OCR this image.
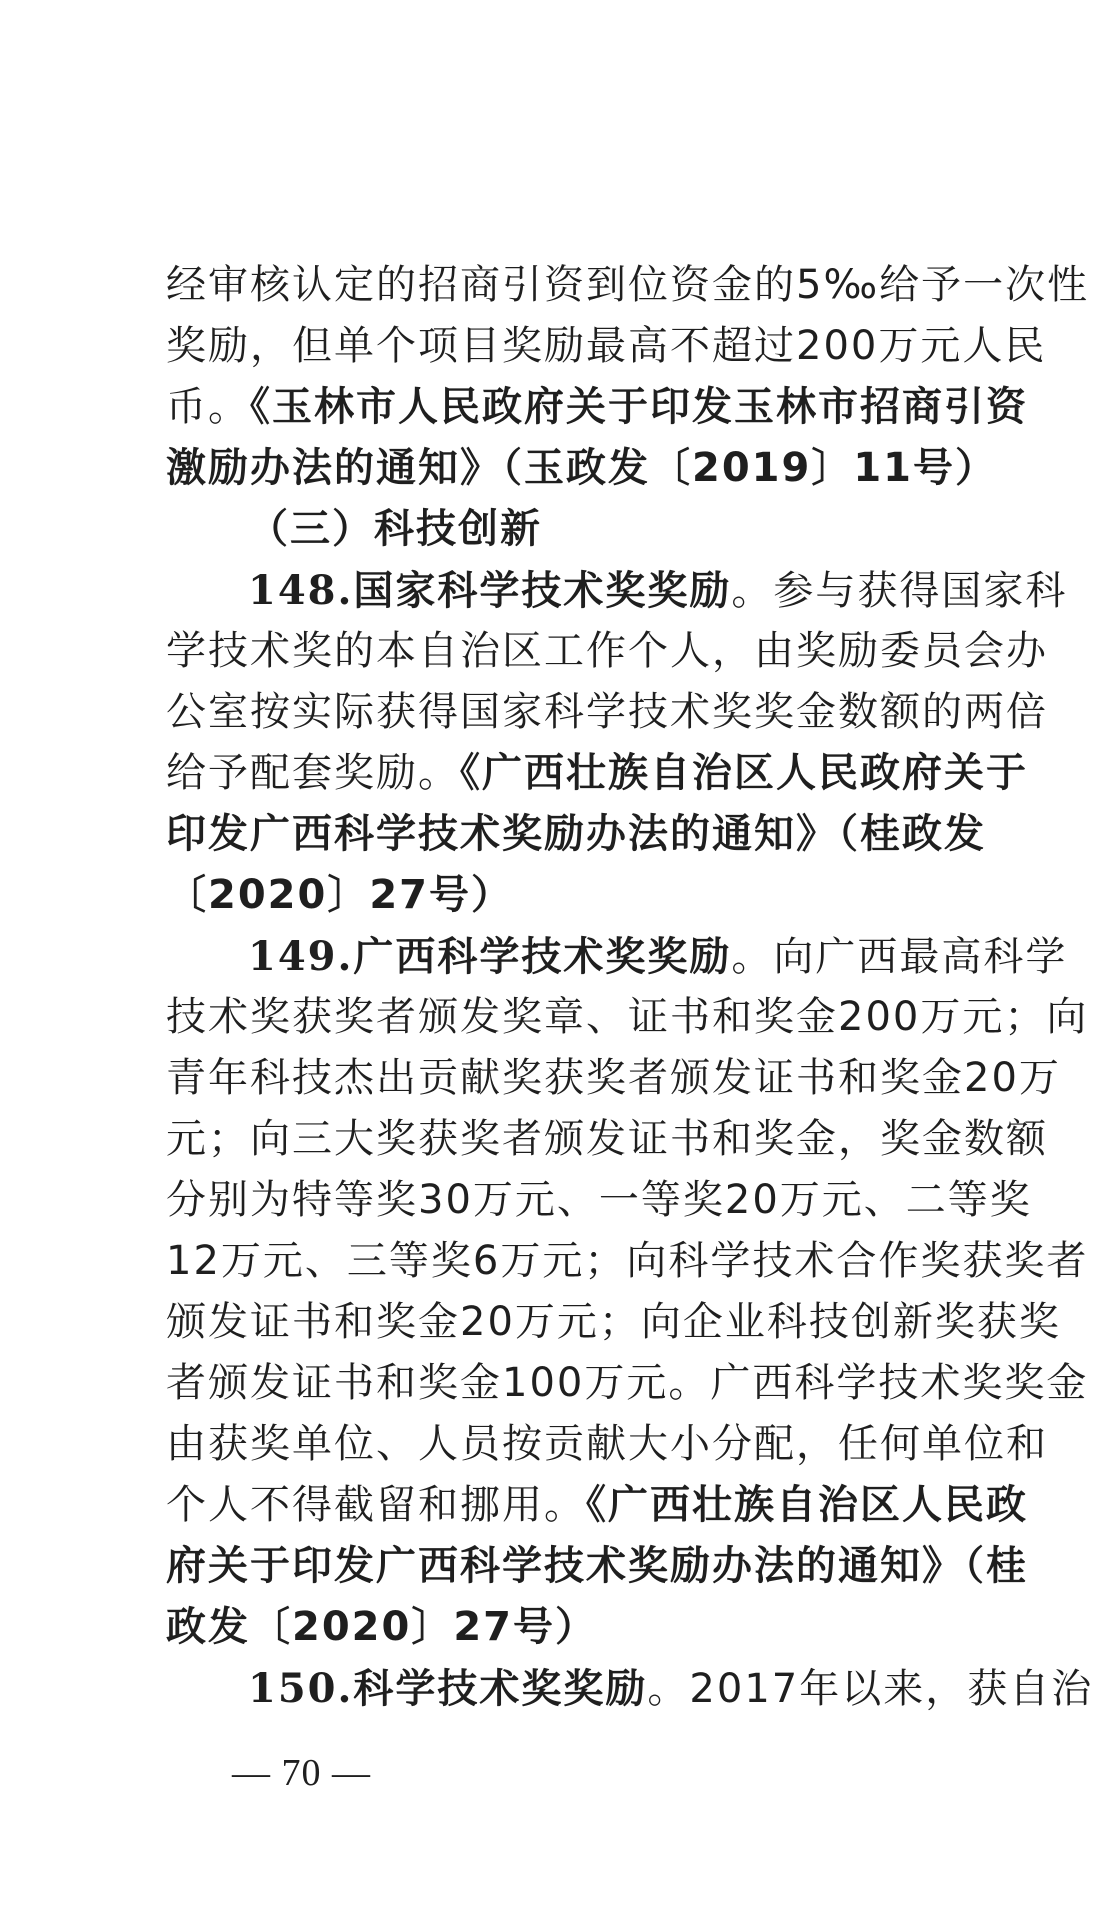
经审核认定的招商引资到位资金的5‰给予一次性
奖励，但单个项目奖励最高不超过200万元人民
币。《玉林市人民政府关于印发玉林市招商引资
激励办法的通知》（玉政发〔2019〕11号）
（三）科技创新
148.国家科学技术奖奖励。参与获得国家科
学技术奖的本自治区工作个人，由奖励委员会办
公室按实际获得国家科学技术奖奖金数额的两倍
给予配套奖励。《广西壮族自治区人民政府关于
印发广西科学技术奖励办法的通知》（桂政发
〔2020〕27号）
149.广西科学技术奖奖励。向广西最高科学
技术奖获奖者颁发奖章、证书和奖金200万元；向
青年科技杰出贡献奖获奖者颁发证书和奖金20万
元；向三大奖获奖者颁发证书和奖金，奖金数额
分别为特等奖30万元、一等奖20万元、二等奖
12万元、三等奖6万元；向科学技术合作奖获奖者
颁发证书和奖金20万元；向企业科技创新奖获奖
者颁发证书和奖金100万元。广西科学技术奖奖金
由获奖单位、人员按贡献大小分配，任何单位和
个人不得截留和挪用。《广西壮族自治区人民政
府关于印发广西科学技术奖励办法的通知》（桂
政发〔2020〕27号）
150.科学技术奖奖励。2017年以来，获自治
— 70 —
